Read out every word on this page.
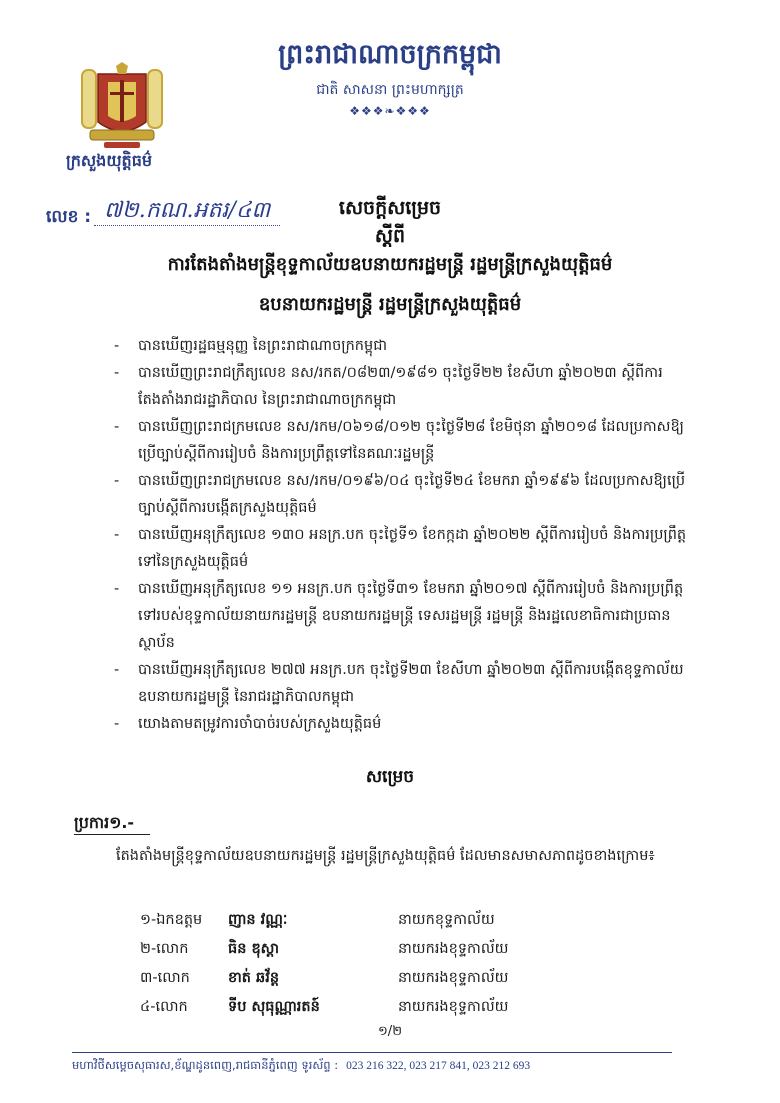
ព្រះរាជាណាចក្រកម្ពុជា
ជាតិ សាសនា ព្រះមហាក្សត្រ
❖❖❖❧❖❖❖
ក្រសួងយុត្តិធម៌
លេខ : ៧២.កណ.អតរ/៤៣	សេចក្តីសម្រេច
ស្តីពី
ការតែងតាំងមន្ត្រីខុទ្ទកាល័យឧបនាយករដ្ឋមន្ត្រី រដ្ឋមន្ត្រីក្រសួងយុត្តិធម៌
ឧបនាយករដ្ឋមន្ត្រី រដ្ឋមន្ត្រីក្រសួងយុត្តិធម៌
- បានឃើញរដ្ឋធម្មនុញ្ញ នៃព្រះរាជាណាចក្រកម្ពុជា
- បានឃើញព្រះរាជក្រឹត្យលេខ នស/រកត/០៨២៣/១៩៨១ ចុះថ្ងៃទី២២ ខែសីហា ឆ្នាំ២០២៣ ស្តីពីការតែងតាំងរាជរដ្ឋាភិបាល នៃព្រះរាជាណាចក្រកម្ពុជា
- បានឃើញព្រះរាជក្រមលេខ នស/រកម/០៦១៨/០១២ ចុះថ្ងៃទី២៨ ខែមិថុនា ឆ្នាំ២០១៨ ដែលប្រកាសឱ្យប្រើច្បាប់ស្តីពីការរៀបចំ និងការប្រព្រឹត្តទៅនៃគណៈរដ្ឋមន្ត្រី
- បានឃើញព្រះរាជក្រមលេខ នស/រកម/០១៩៦/០៤ ចុះថ្ងៃទី២៤ ខែមករា ឆ្នាំ១៩៩៦ ដែលប្រកាសឱ្យប្រើច្បាប់ស្តីពីការបង្កើតក្រសួងយុត្តិធម៌
- បានឃើញអនុក្រឹត្យលេខ ១៣០ អនក្រ.បក ចុះថ្ងៃទី១ ខែកក្កដា ឆ្នាំ២០២២ ស្តីពីការរៀបចំ និងការប្រព្រឹត្តទៅនៃក្រសួងយុត្តិធម៌
- បានឃើញអនុក្រឹត្យលេខ ១១ អនក្រ.បក ចុះថ្ងៃទី៣១ ខែមករា ឆ្នាំ២០១៧ ស្តីពីការរៀបចំ និងការប្រព្រឹត្តទៅរបស់ខុទ្ទកាល័យនាយករដ្ឋមន្ត្រី ឧបនាយករដ្ឋមន្ត្រី ទេសរដ្ឋមន្ត្រី រដ្ឋមន្ត្រី និងរដ្ឋលេខាធិការជាប្រធានស្ថាប័ន
- បានឃើញអនុក្រឹត្យលេខ ២៧៧ អនក្រ.បក ចុះថ្ងៃទី២៣ ខែសីហា ឆ្នាំ២០២៣ ស្តីពីការបង្កើតខុទ្ទកាល័យឧបនាយករដ្ឋមន្ត្រី នៃរាជរដ្ឋាភិបាលកម្ពុជា
- យោងតាមតម្រូវការចាំបាច់របស់ក្រសួងយុត្តិធម៌
សម្រេច
ប្រការ១.-
តែងតាំងមន្ត្រីខុទ្ទកាល័យឧបនាយករដ្ឋមន្ត្រី រដ្ឋមន្ត្រីក្រសួងយុត្តិធម៌ ដែលមានសមាសភាពដូចខាងក្រោម៖
១-ឯកឧត្តម	ញាន វណ្ណៈ	នាយកខុទ្ទកាល័យ
២-លោក	ធិន ឌុស្តា	នាយករងខុទ្ទកាល័យ
៣-លោក	ខាត់ ឆវ័ន្ត	នាយករងខុទ្ទកាល័យ
៤-លោក	ទីប សុធុណ្ណារតន៍	នាយករងខុទ្ទកាល័យ
១/២
មហាវិថីសម្តេចសុធារស,ខ័ណ្ឌដូនពេញ,រាជធានីភ្នំពេញ ទូរស័ព្ទ : 023 216 322, 023 217 841, 023 212 693
